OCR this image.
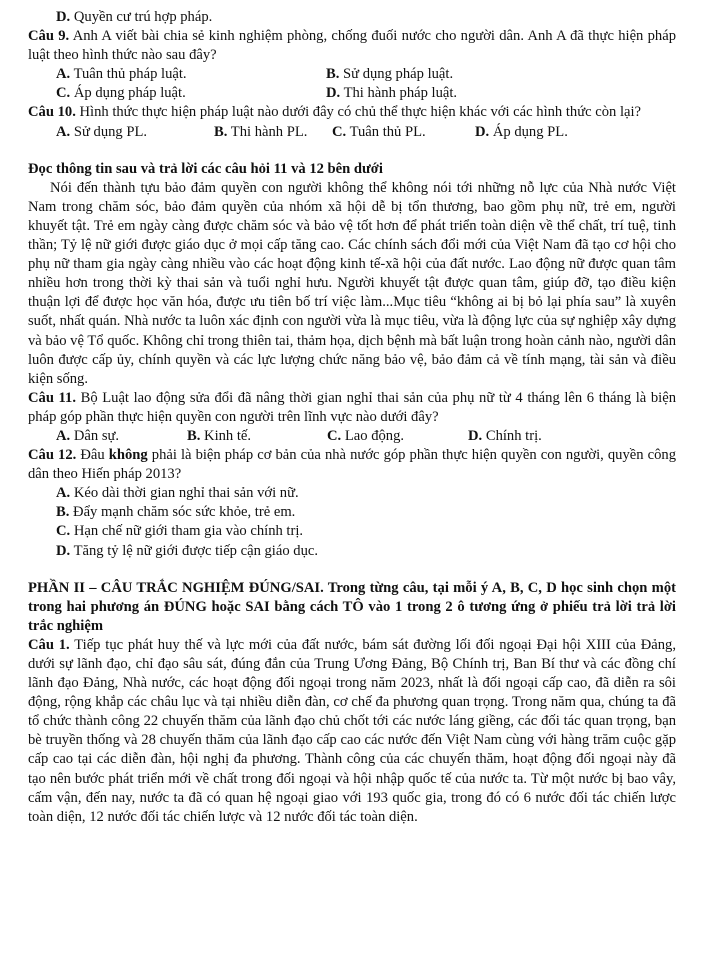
D. Quyền cư trú hợp pháp.

Câu 9. Anh A viết bài chia sẻ kinh nghiệm phòng, chống đuối nước cho người dân. Anh A đã thực hiện pháp luật theo hình thức nào sau đây?

A. Tuân thủ pháp luật.	B. Sử dụng pháp luật.
C. Áp dụng pháp luật.	D. Thi hành pháp luật.

Câu 10. Hình thức thực hiện pháp luật nào dưới đây có chủ thể thực hiện khác với các hình thức còn lại?

A. Sử dụng PL.	B. Thi hành PL.	C. Tuân thủ PL.	D. Áp dụng PL.

Đọc thông tin sau và trả lời các câu hỏi 11 và 12 bên dưới

Nói đến thành tựu bảo đảm quyền con người không thể không nói tới những nỗ lực của Nhà nước Việt Nam trong chăm sóc, bảo đảm quyền của nhóm xã hội dễ bị tổn thương, bao gồm phụ nữ, trẻ em, người khuyết tật. Trẻ em ngày càng được chăm sóc và bảo vệ tốt hơn để phát triển toàn diện về thể chất, trí tuệ, tinh thần; Tỷ lệ nữ giới được giáo dục ở mọi cấp tăng cao. Các chính sách đổi mới của Việt Nam đã tạo cơ hội cho phụ nữ tham gia ngày càng nhiều vào các hoạt động kinh tế-xã hội của đất nước. Lao động nữ được quan tâm nhiều hơn trong thời kỳ thai sản và tuổi nghỉ hưu. Người khuyết tật được quan tâm, giúp đỡ, tạo điều kiện thuận lợi để được học văn hóa, được ưu tiên bố trí việc làm...Mục tiêu “không ai bị bỏ lại phía sau” là xuyên suốt, nhất quán. Nhà nước ta luôn xác định con người vừa là mục tiêu, vừa là động lực của sự nghiệp xây dựng và bảo vệ Tổ quốc. Không chỉ trong thiên tai, thảm họa, dịch bệnh mà bất luận trong hoàn cảnh nào, người dân luôn được cấp ủy, chính quyền và các lực lượng chức năng bảo vệ, bảo đảm cả về tính mạng, tài sản và điều kiện sống.

Câu 11. Bộ Luật lao động sửa đổi đã nâng thời gian nghỉ thai sản của phụ nữ từ 4 tháng lên 6 tháng là biện pháp góp phần thực hiện quyền con người trên lĩnh vực nào dưới đây?

A. Dân sự.	B. Kinh tế.	C. Lao động.	D. Chính trị.

Câu 12. Đâu không phải là biện pháp cơ bản của nhà nước góp phần thực hiện quyền con người, quyền công dân theo Hiến pháp 2013?

A. Kéo dài thời gian nghỉ thai sản với nữ.

B. Đẩy mạnh chăm sóc sức khỏe, trẻ em.

C. Hạn chế nữ giới tham gia vào chính trị.

D. Tăng tỷ lệ nữ giới được tiếp cận giáo dục.

PHẦN II – CÂU TRẮC NGHIỆM ĐÚNG/SAI. Trong từng câu, tại mỗi ý A, B, C, D học sinh chọn một trong hai phương án ĐÚNG hoặc SAI bằng cách TÔ vào 1 trong 2 ô tương ứng ở phiếu trả lời trả lời trắc nghiệm

Câu 1. Tiếp tục phát huy thế và lực mới của đất nước, bám sát đường lối đối ngoại Đại hội XIII của Đảng, dưới sự lãnh đạo, chỉ đạo sâu sát, đúng đắn của Trung Ương Đảng, Bộ Chính trị, Ban Bí thư và các đồng chí lãnh đạo Đảng, Nhà nước, các hoạt động đối ngoại trong năm 2023, nhất là đối ngoại cấp cao, đã diễn ra sôi động, rộng khắp các châu lục và tại nhiều diễn đàn, cơ chế đa phương quan trọng. Trong năm qua, chúng ta đã tổ chức thành công 22 chuyến thăm của lãnh đạo chủ chốt tới các nước láng giềng, các đối tác quan trọng, bạn bè truyền thống và 28 chuyến thăm của lãnh đạo cấp cao các nước đến Việt Nam cùng với hàng trăm cuộc gặp cấp cao tại các diễn đàn, hội nghị đa phương. Thành công của các chuyến thăm, hoạt động đối ngoại này đã tạo nên bước phát triển mới về chất trong đối ngoại và hội nhập quốc tế của nước ta. Từ một nước bị bao vây, cấm vận, đến nay, nước ta đã có quan hệ ngoại giao với 193 quốc gia, trong đó có 6 nước đối tác chiến lược toàn diện, 12 nước đối tác chiến lược và 12 nước đối tác toàn diện.
